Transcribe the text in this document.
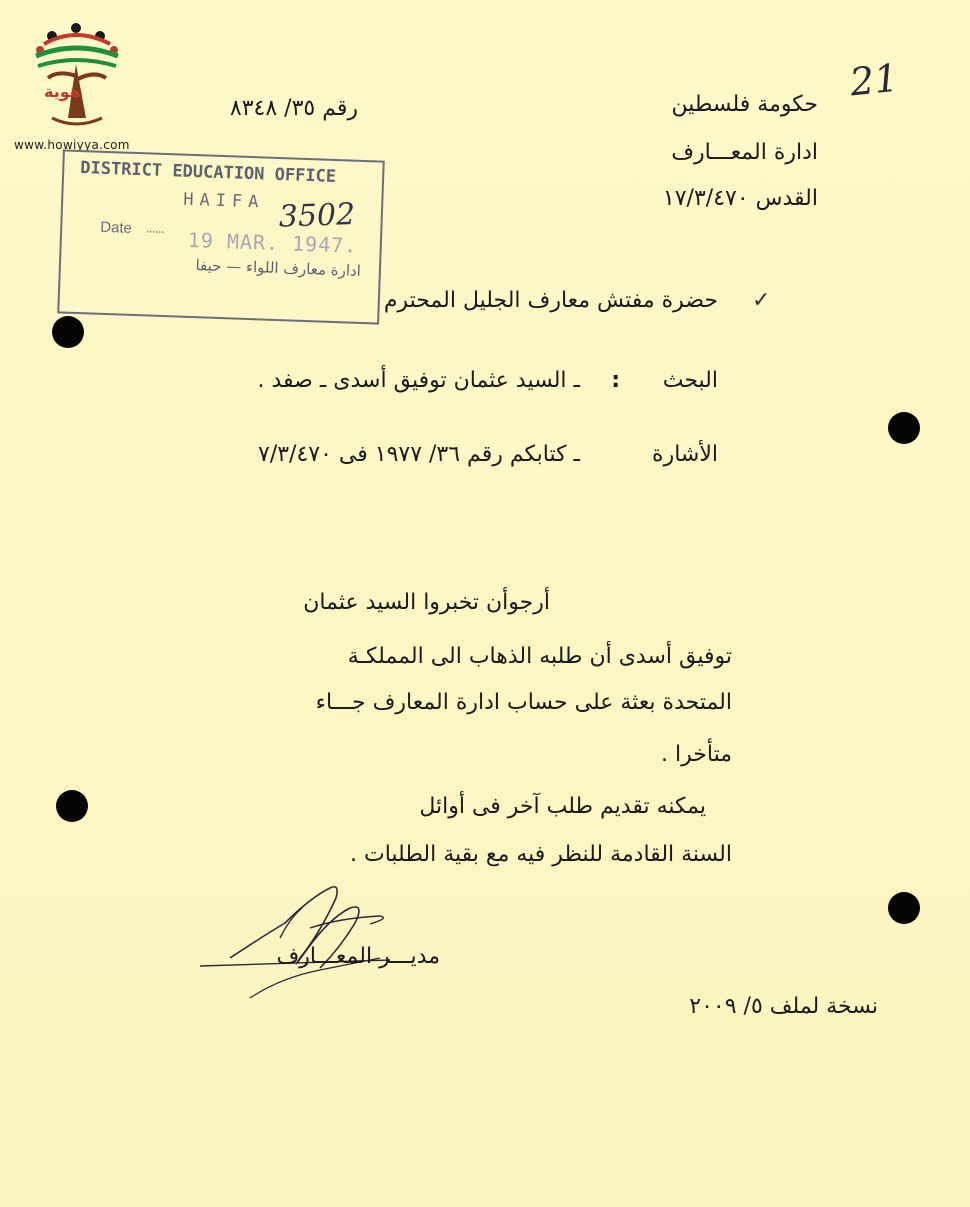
هوية
www.howiyya.com
21
حكومة فلسطين
ادارة المعـــارف
القدس ١٧/٣/٤٧٠
رقم ٣٥/ ٨٣٤٨
DISTRICT EDUCATION OFFICE
HAIFA
Date …… 19 MAR. 1947.
ادارة معارف اللواء — حيفا
3502
✓
حضرة مفتش معارف الجليل المحترم
البحث
:
ـ السيد عثمان توفيق أسدى ـ صفد .
الأشارة
ـ كتابكم رقم ٣٦/ ١٩٧٧ فى ٧/٣/٤٧٠
أرجوأن تخبروا السيد عثمان
توفيق أسدى أن طلبه الذهاب الى المملكـة
المتحدة بعثة على حساب ادارة المعارف جـــاء
متأخرا .
يمكنه تقديم طلب آخر فى أوائل
السنة القادمة للنظر فيه مع بقية الطلبات .
مديـــر المعـــارف
نسخة لملف ٥/ ٢٠٠٩
